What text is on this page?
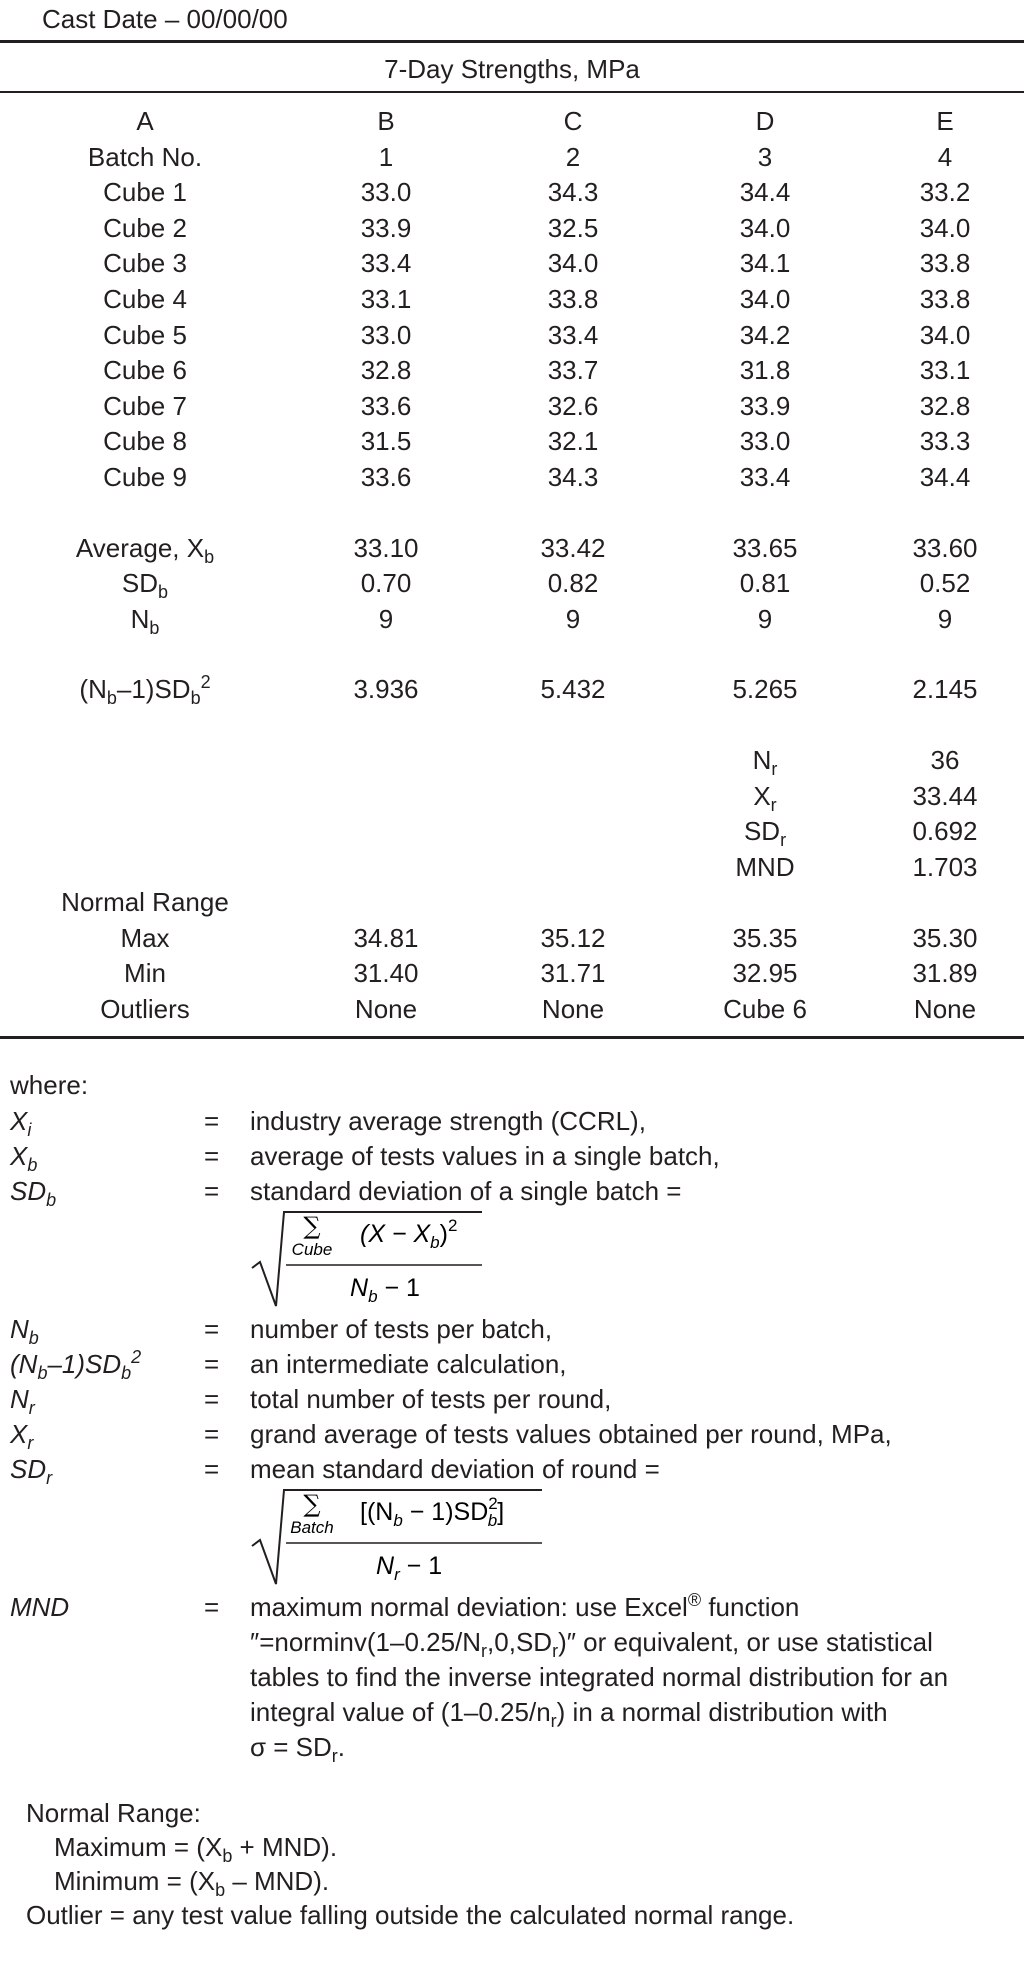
Cast Date – 00/00/00
7-Day Strengths, MPa
A	B	C	D	E
Batch No.	1	2	3	4
Cube 1	33.0	34.3	34.4	33.2
Cube 2	33.9	32.5	34.0	34.0
Cube 3	33.4	34.0	34.1	33.8
Cube 4	33.1	33.8	34.0	33.8
Cube 5	33.0	33.4	34.2	34.0
Cube 6	32.8	33.7	31.8	33.1
Cube 7	33.6	32.6	33.9	32.8
Cube 8	31.5	32.1	33.0	33.3
Cube 9	33.6	34.3	33.4	34.4

Average, $X_b$	33.10	33.42	33.65	33.60
$SD_b$	0.70	0.82	0.81	0.52
$N_b$	9	9	9	9

$(N_b-1)SD_b^2$	3.936	5.432	5.265	2.145

			$N_r$	36
			$X_r$	33.44
			$SD_r$	0.692
			MND	1.703
Normal Range				
Max	34.81	35.12	35.35	35.30
Min	31.40	31.71	32.95	31.89
Outliers	None	None	Cube 6	None
where:
$X_i$	= industry average strength (CCRL),
$X_b$	= average of tests values in a single batch,
$SD_b$	= standard deviation of a single batch =
∑
Cube
$(X - X_b)^2$
$N_b - 1$
$N_b$	= number of tests per batch,
$(N_b-1)SD_b^2$ = an intermediate calculation,
$N_r$	= total number of tests per round,
$X_r$	= grand average of tests values obtained per round, MPa,
$SD_r$	= mean standard deviation of round =
∑
Batch
[$(N_b - 1)SD^2$ b]
$N_r - 1$
MND	= maximum normal deviation: use Excel® function
$''=norminv(1-0.25/N_r,0,SD_r)''$ or equivalent, or use statistical
tables to find the inverse integrated normal distribution for an
integral value of $(1-0.25/n_r)$ in a normal distribution with
$\sigma = SD_r$.
Normal Range:
Maximum = $(X_b + MND)$.
Minimum = $(X_b - MND)$.
Outlier = any test value falling outside the calculated normal range.
